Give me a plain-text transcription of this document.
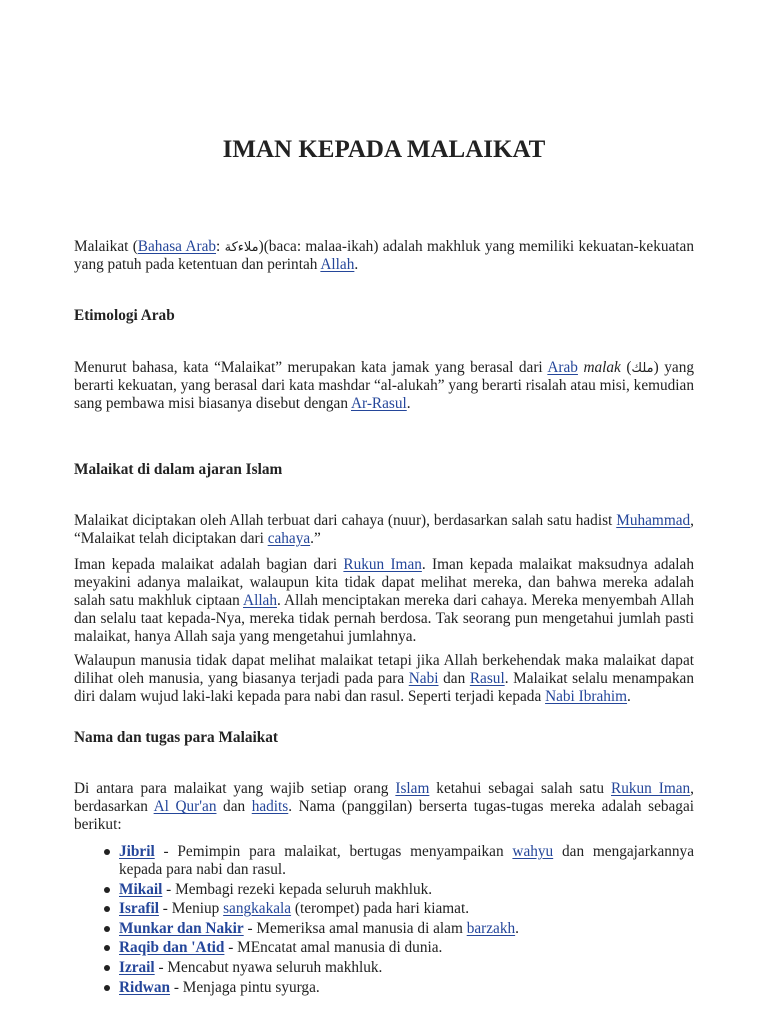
IMAN KEPADA MALAIKAT

Malaikat (Bahasa Arab: ملاءكة)(baca: malaa-ikah) adalah makhluk yang memiliki kekuatan-kekuatan yang patuh pada ketentuan dan perintah Allah.

Etimologi Arab

Menurut bahasa, kata “Malaikat” merupakan kata jamak yang berasal dari Arab malak (ملك) yang berarti kekuatan, yang berasal dari kata mashdar “al-alukah” yang berarti risalah atau misi, kemudian sang pembawa misi biasanya disebut dengan Ar-Rasul.

Malaikat di dalam ajaran Islam

Malaikat diciptakan oleh Allah terbuat dari cahaya (nuur), berdasarkan salah satu hadist Muhammad, “Malaikat telah diciptakan dari cahaya.”

Iman kepada malaikat adalah bagian dari Rukun Iman. Iman kepada malaikat maksudnya adalah meyakini adanya malaikat, walaupun kita tidak dapat melihat mereka, dan bahwa mereka adalah salah satu makhluk ciptaan Allah. Allah menciptakan mereka dari cahaya. Mereka menyembah Allah dan selalu taat kepada-Nya, mereka tidak pernah berdosa. Tak seorang pun mengetahui jumlah pasti malaikat, hanya Allah saja yang mengetahui jumlahnya.

Walaupun manusia tidak dapat melihat malaikat tetapi jika Allah berkehendak maka malaikat dapat dilihat oleh manusia, yang biasanya terjadi pada para Nabi dan Rasul. Malaikat selalu menampakan diri dalam wujud laki-laki kepada para nabi dan rasul. Seperti terjadi kepada Nabi Ibrahim.

Nama dan tugas para Malaikat

Di antara para malaikat yang wajib setiap orang Islam ketahui sebagai salah satu Rukun Iman, berdasarkan Al Qur'an dan hadits. Nama (panggilan) berserta tugas-tugas mereka adalah sebagai berikut:

Jibril - Pemimpin para malaikat, bertugas menyampaikan wahyu dan mengajarkannya kepada para nabi dan rasul.
Mikail - Membagi rezeki kepada seluruh makhluk.
Israfil - Meniup sangkakala (terompet) pada hari kiamat.
Munkar dan Nakir - Memeriksa amal manusia di alam barzakh.
Raqib dan 'Atid - MEncatat amal manusia di dunia.
Izrail - Mencabut nyawa seluruh makhluk.
Ridwan - Menjaga pintu syurga.
